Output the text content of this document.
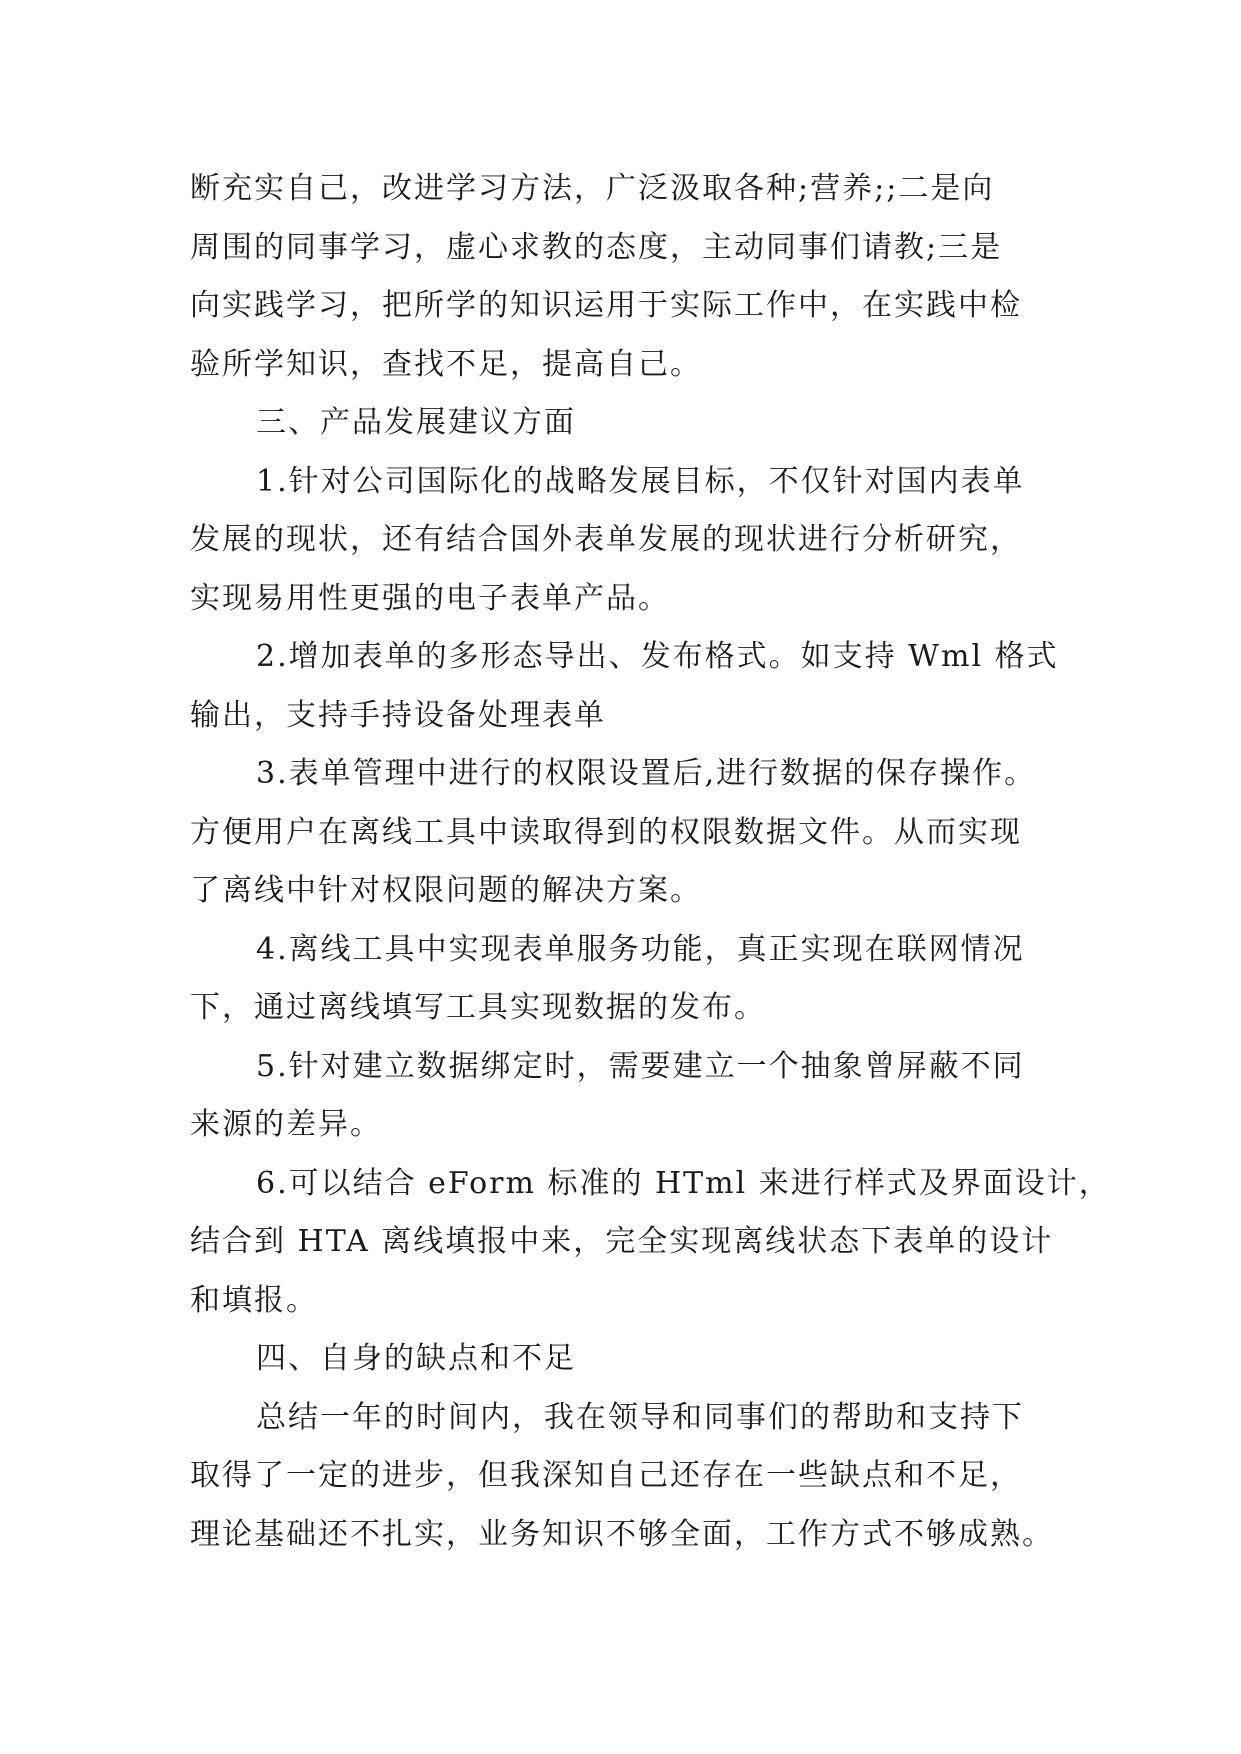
断充实自己，改进学习方法，广泛汲取各种;营养;;二是向
周围的同事学习，虚心求教的态度，主动同事们请教;三是
向实践学习，把所学的知识运用于实际工作中，在实践中检
验所学知识，查找不足，提高自己。
三、产品发展建议方面
1.针对公司国际化的战略发展目标，不仅针对国内表单
发展的现状，还有结合国外表单发展的现状进行分析研究，
实现易用性更强的电子表单产品。
2.增加表单的多形态导出、发布格式。如支持 Wml 格式
输出，支持手持设备处理表单
3.表单管理中进行的权限设置后,进行数据的保存操作。
方便用户在离线工具中读取得到的权限数据文件。从而实现
了离线中针对权限问题的解决方案。
4.离线工具中实现表单服务功能，真正实现在联网情况
下，通过离线填写工具实现数据的发布。
5.针对建立数据绑定时，需要建立一个抽象曾屏蔽不同
来源的差异。
6.可以结合 eForm 标准的 HTml 来进行样式及界面设计，
结合到 HTA 离线填报中来，完全实现离线状态下表单的设计
和填报。
四、自身的缺点和不足
总结一年的时间内，我在领导和同事们的帮助和支持下
取得了一定的进步，但我深知自己还存在一些缺点和不足，
理论基础还不扎实，业务知识不够全面，工作方式不够成熟。
